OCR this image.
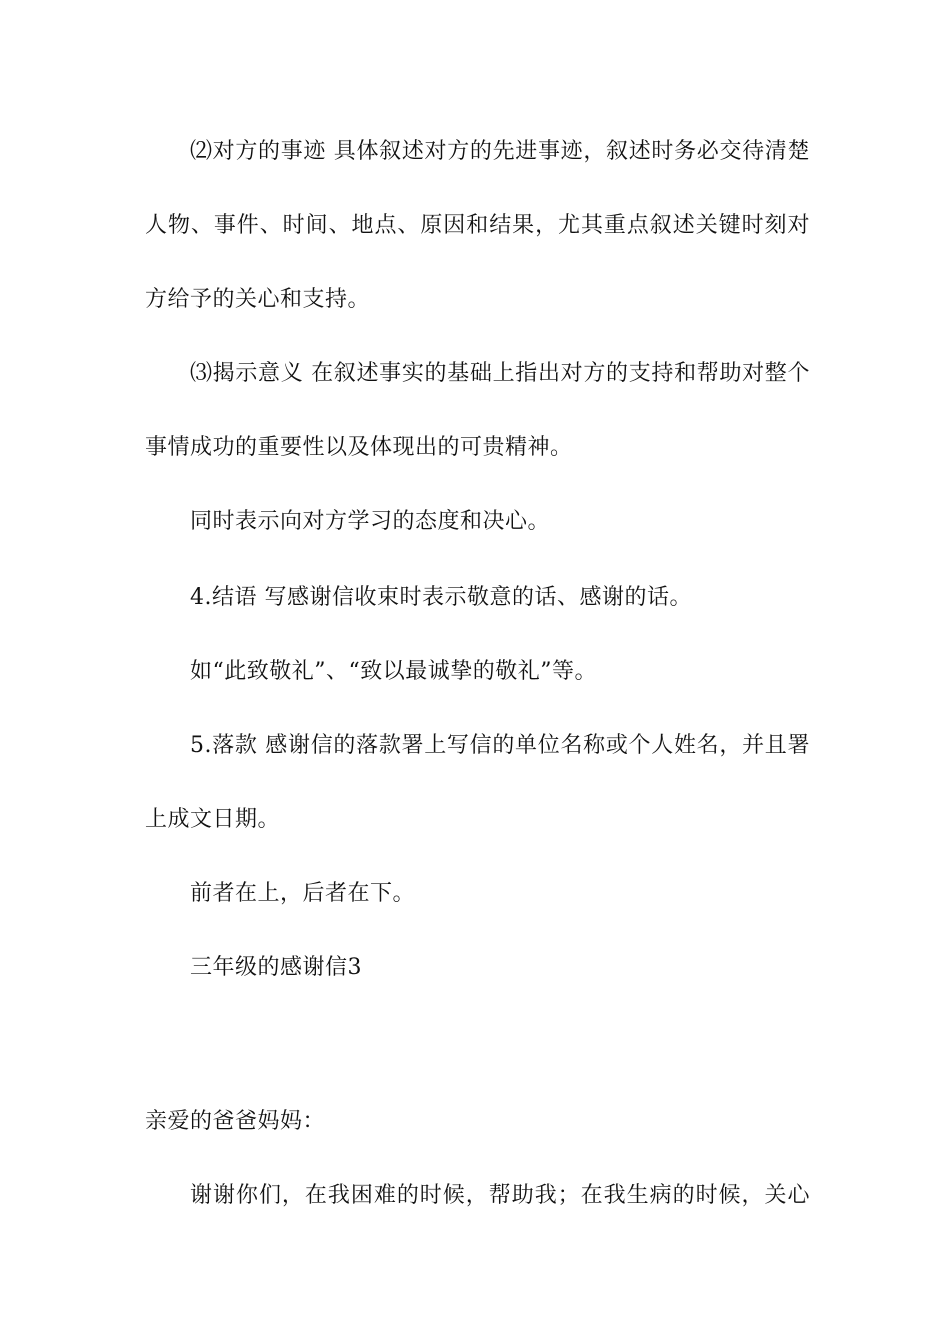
⑵对方的事迹 具体叙述对方的先进事迹，叙述时务必交待清楚
人物、事件、时间、地点、原因和结果，尤其重点叙述关键时刻对
方给予的关心和支持。
⑶揭示意义 在叙述事实的基础上指出对方的支持和帮助对整个
事情成功的重要性以及体现出的可贵精神。
同时表示向对方学习的态度和决心。
4.结语 写感谢信收束时表示敬意的话、感谢的话。
如“此致敬礼”、“致以最诚挚的敬礼”等。
5.落款 感谢信的落款署上写信的单位名称或个人姓名，并且署
上成文日期。
前者在上，后者在下。
三年级的感谢信3
亲爱的爸爸妈妈：
谢谢你们，在我困难的时候，帮助我；在我生病的时候，关心
